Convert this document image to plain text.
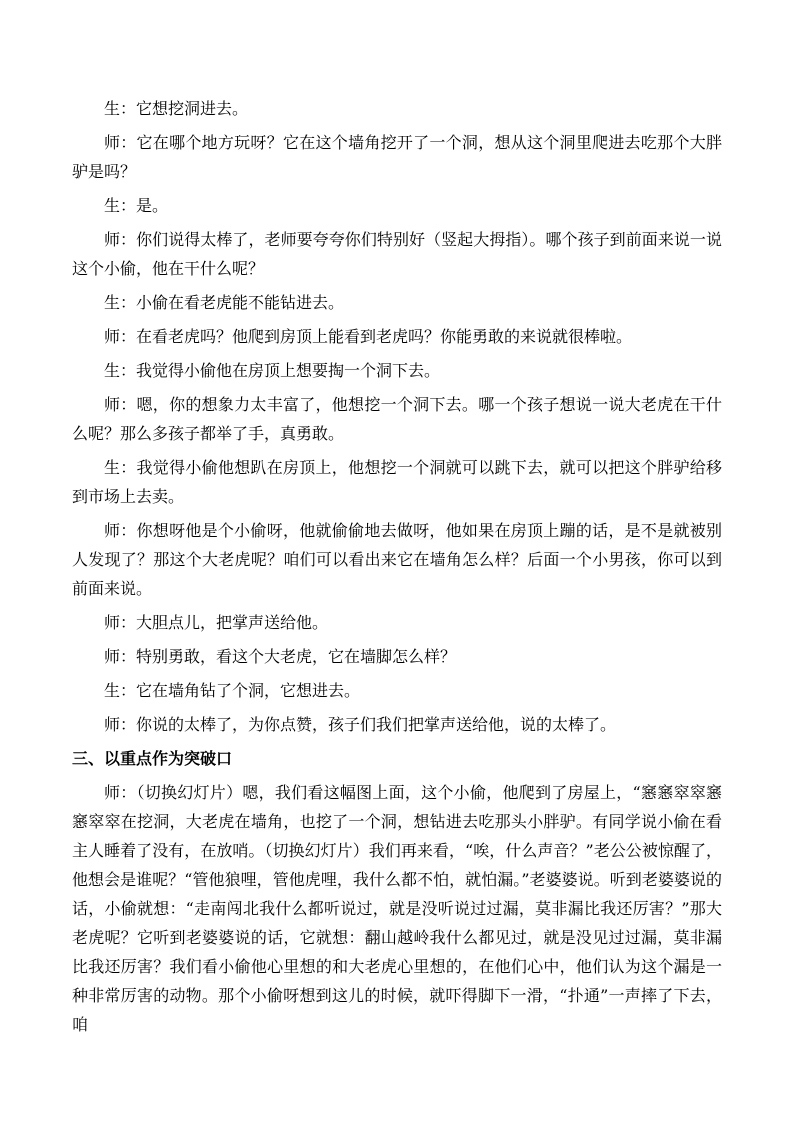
生：它想挖洞进去。

师：它在哪个地方玩呀？它在这个墙角挖开了一个洞，想从这个洞里爬进去吃那个大胖驴是吗？

生：是。

师：你们说得太棒了，老师要夸夸你们特别好（竖起大拇指）。哪个孩子到前面来说一说这个小偷，他在干什么呢？

生：小偷在看老虎能不能钻进去。

师：在看老虎吗？他爬到房顶上能看到老虎吗？你能勇敢的来说就很棒啦。

生：我觉得小偷他在房顶上想要掏一个洞下去。

师：嗯，你的想象力太丰富了，他想挖一个洞下去。哪一个孩子想说一说大老虎在干什么呢？那么多孩子都举了手，真勇敢。

生：我觉得小偷他想趴在房顶上，他想挖一个洞就可以跳下去，就可以把这个胖驴给移到市场上去卖。

师：你想呀他是个小偷呀，他就偷偷地去做呀，他如果在房顶上蹦的话，是不是就被别人发现了？那这个大老虎呢？咱们可以看出来它在墙角怎么样？后面一个小男孩，你可以到前面来说。

师：大胆点儿，把掌声送给他。

师：特别勇敢，看这个大老虎，它在墙脚怎么样？

生：它在墙角钻了个洞，它想进去。

师：你说的太棒了，为你点赞，孩子们我们把掌声送给他，说的太棒了。

三、以重点作为突破口

师：（切换幻灯片）嗯，我们看这幅图上面，这个小偷，他爬到了房屋上，“窸窸窣窣窸窸窣窣在挖洞，大老虎在墙角，也挖了一个洞，想钻进去吃那头小胖驴。有同学说小偷在看主人睡着了没有，在放哨。（切换幻灯片）我们再来看，“唉，什么声音？”老公公被惊醒了，他想会是谁呢？“管他狼哩，管他虎哩，我什么都不怕，就怕漏。”老婆婆说。听到老婆婆说的话，小偷就想：“走南闯北我什么都听说过，就是没听说过过漏，莫非漏比我还厉害？”那大老虎呢？它听到老婆婆说的话，它就想：翻山越岭我什么都见过，就是没见过过漏，莫非漏比我还厉害？我们看小偷他心里想的和大老虎心里想的，在他们心中，他们认为这个漏是一种非常厉害的动物。那个小偷呀想到这儿的时候，就吓得脚下一滑，“扑通”一声摔了下去，咱
